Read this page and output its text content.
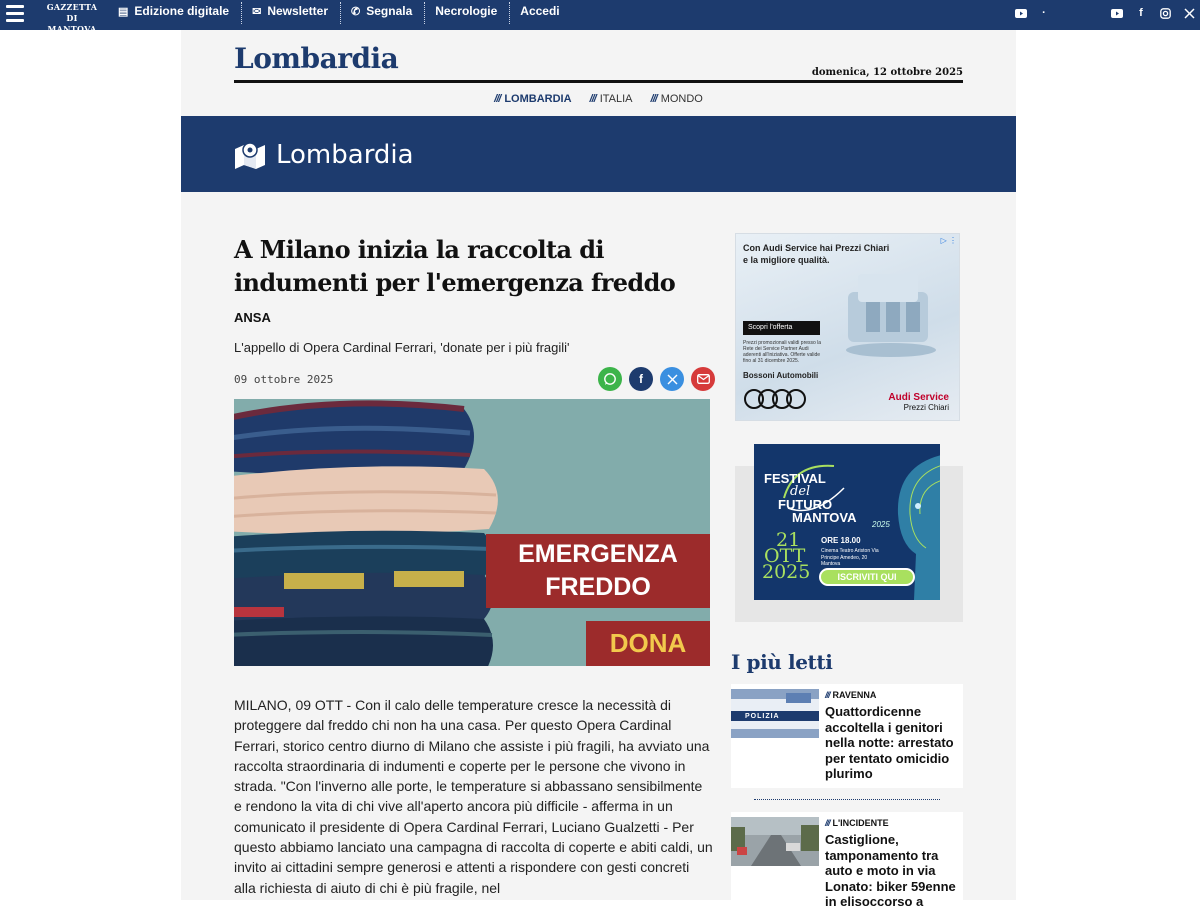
GAZZETTA
DI MANTOVA
▤ Edizione digitale ✉ Newsletter ✆ Segnala Necrologie Accedi	·	f
Lombardia	domenica, 12 ottobre 2025
/// LOMBARDIA /// ITALIA /// MONDO
Lombardia
A Milano inizia la raccolta di indumenti per l'emergenza freddo
ANSA
L'appello di Opera Cardinal Ferrari, 'donate per i più fragili'
09 ottobre 2025	f
EMERGENZA
FREDDO
DONA
MILANO, 09 OTT - Con il calo delle temperature cresce la necessità di proteggere dal freddo chi non ha una casa. Per questo Opera Cardinal Ferrari, storico centro diurno di Milano che assiste i più fragili, ha avviato una raccolta straordinaria di indumenti e coperte per le persone che vivono in strada. "Con l'inverno alle porte, le temperature si abbassano sensibilmente e rendono la vita di chi vive all'aperto ancora più difficile - afferma in un comunicato il presidente di Opera Cardinal Ferrari, Luciano Gualzetti - Per questo abbiamo lanciato una campagna di raccolta di coperte e abiti caldi, un invito ai cittadini sempre generosi e attenti a rispondere con gesti concreti alla richiesta di aiuto di chi è più fragile, nel
▷ ⋮
Con Audi Service hai Prezzi Chiari
e la migliore qualità.
Scopri l'offerta
Prezzi promozionali validi presso la Rete dei Service Partner Audi aderenti all'iniziativa. Offerte valide fino al 31 dicembre 2025.
Bossoni Automobili
Audi Service
Prezzi Chiari
FESTIVAL
del
FUTURO
MANTOVA 2025
21
OTT
2025
ORE 18.00
Cinema Teatro Ariston Via Principe Amedeo, 20 Mantova
ISCRIVITI QUI
I più letti
POLIZIA
/// RAVENNA
Quattordicenne accoltella i genitori nella notte: arrestato per tentato omicidio plurimo
/// L'INCIDENTE
Castiglione, tamponamento tra auto e moto in via Lonato: biker 59enne in elisoccorso a
